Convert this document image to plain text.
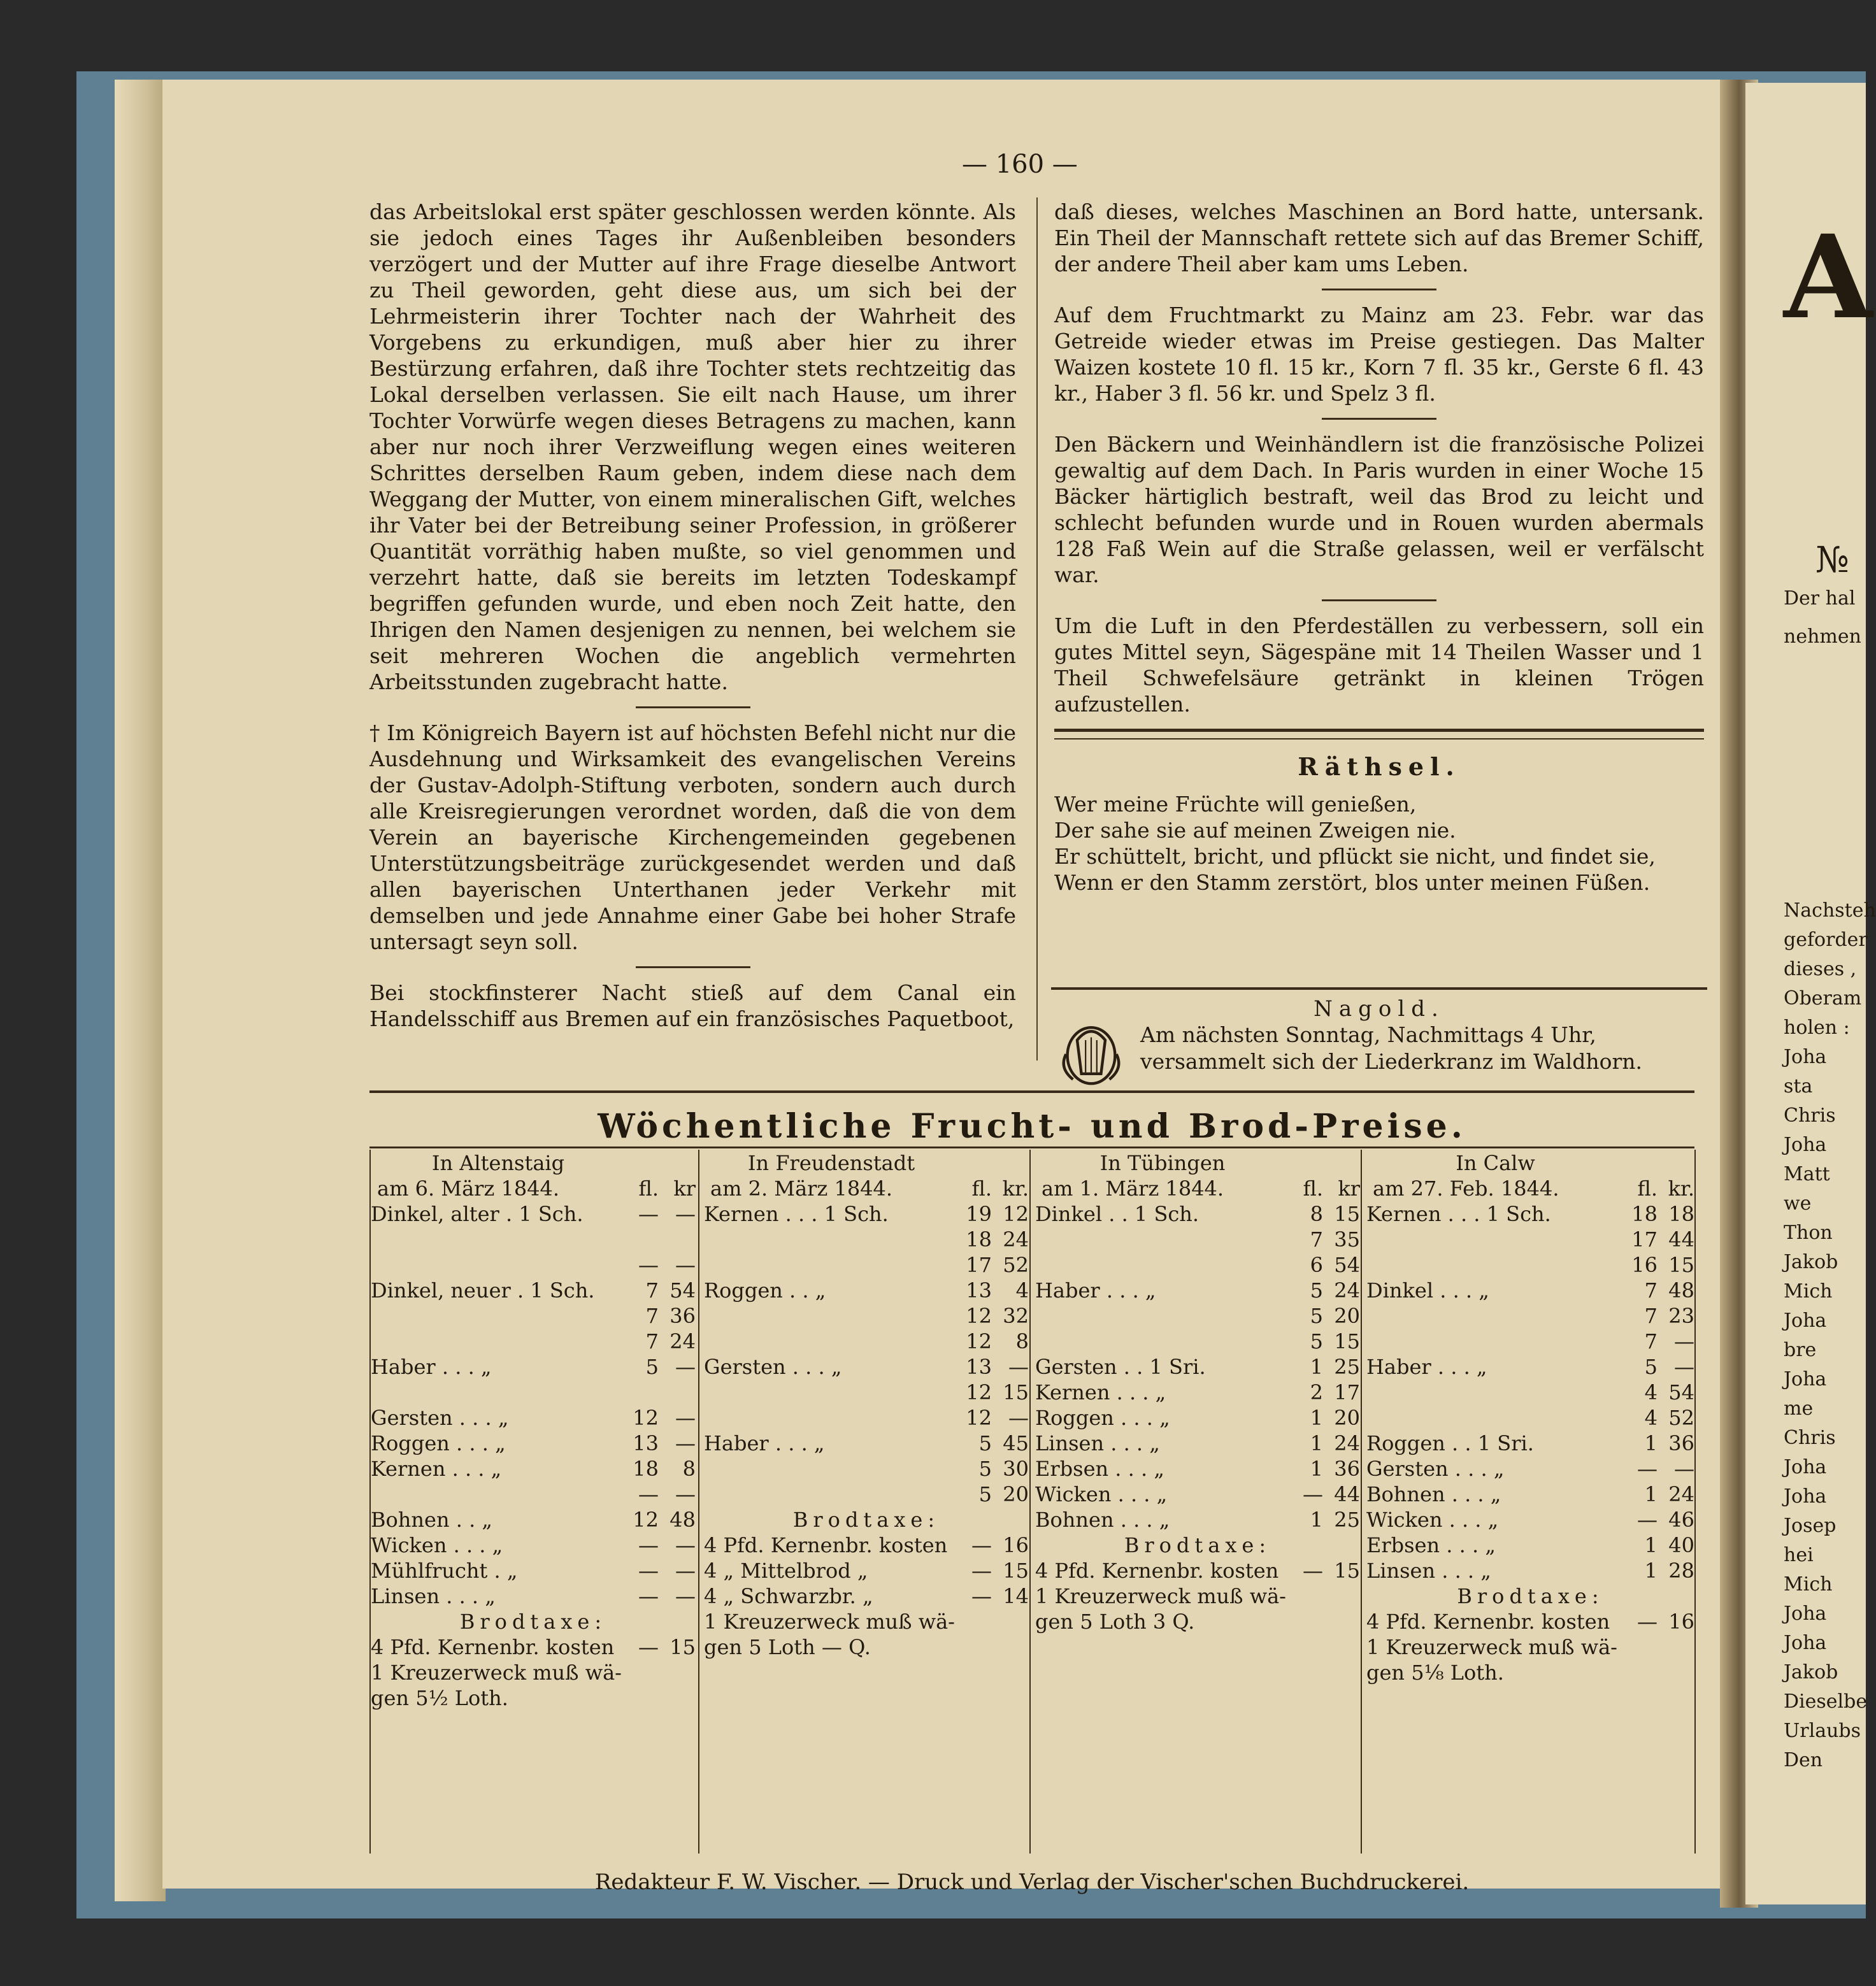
— 160 —

das Arbeitslokal erst später geschlossen werden könnte. Als sie jedoch eines Tages ihr Außenbleiben besonders verzögert und der Mutter auf ihre Frage dieselbe Antwort zu Theil geworden, geht diese aus, um sich bei der Lehrmeisterin ihrer Tochter nach der Wahrheit des Vorgebens zu erkundigen, muß aber hier zu ihrer Bestürzung erfahren, daß ihre Tochter stets rechtzeitig das Lokal derselben verlassen. Sie eilt nach Hause, um ihrer Tochter Vorwürfe wegen dieses Betragens zu machen, kann aber nur noch ihrer Verzweiflung wegen eines weiteren Schrittes derselben Raum geben, indem diese nach dem Weggang der Mutter, von einem mineralischen Gift, welches ihr Vater bei der Betreibung seiner Profession, in größerer Quantität vorräthig haben mußte, so viel genommen und verzehrt hatte, daß sie bereits im letzten Todeskampf begriffen gefunden wurde, und eben noch Zeit hatte, den Ihrigen den Namen desjenigen zu nennen, bei welchem sie seit mehreren Wochen die angeblich vermehrten Arbeitsstunden zugebracht hatte.

† Im Königreich Bayern ist auf höchsten Befehl nicht nur die Ausdehnung und Wirksamkeit des evangelischen Vereins der Gustav-Adolph-Stiftung verboten, sondern auch durch alle Kreisregierungen verordnet worden, daß die von dem Verein an bayerische Kirchengemeinden gegebenen Unterstützungsbeiträge zurückgesendet werden und daß allen bayerischen Unterthanen jeder Verkehr mit demselben und jede Annahme einer Gabe bei hoher Strafe untersagt seyn soll.

Bei stockfinsterer Nacht stieß auf dem Canal ein Handelsschiff aus Bremen auf ein französisches Paquetboot,

daß dieses, welches Maschinen an Bord hatte, untersank. Ein Theil der Mannschaft rettete sich auf das Bremer Schiff, der andere Theil aber kam ums Leben.

Auf dem Fruchtmarkt zu Mainz am 23. Febr. war das Getreide wieder etwas im Preise gestiegen. Das Malter Waizen kostete 10 fl. 15 kr., Korn 7 fl. 35 kr., Gerste 6 fl. 43 kr., Haber 3 fl. 56 kr. und Spelz 3 fl.

Den Bäckern und Weinhändlern ist die französische Polizei gewaltig auf dem Dach. In Paris wurden in einer Woche 15 Bäcker härtiglich bestraft, weil das Brod zu leicht und schlecht befunden wurde und in Rouen wurden abermals 128 Faß Wein auf die Straße gelassen, weil er verfälscht war.

Um die Luft in den Pferdeställen zu verbessern, soll ein gutes Mittel seyn, Sägespäne mit 14 Theilen Wasser und 1 Theil Schwefelsäure getränkt in kleinen Trögen aufzustellen.

Räthsel.
Wer meine Früchte will genießen,
Der sahe sie auf meinen Zweigen nie.
Er schüttelt, bricht, und pflückt sie nicht, und findet sie,
Wenn er den Stamm zerstört, blos unter meinen Füßen.
Nagold.
Am nächsten Sonntag, Nachmittags 4 Uhr, versammelt sich der Liederkranz im Waldhorn.
Wöchentliche Frucht- und Brod-Preise.
In Altenstaig
am 6. März 1844.	fl. kr
Dinkel, alter . 1 Sch.	— —
— —
Dinkel, neuer . 1 Sch.	7 54
7 36
7 24
Haber . . . „	5 —
Gersten . . . „	12 —
Roggen . . . „	13 —
Kernen . . . „	18	8
— —
Bohnen . . „	12 48
Wicken . . . „	— —
Mühlfrucht . „	— —
Linsen . . . „	— —
Brodtaxe:
4 Pfd. Kernenbr. kosten	— 15
1 Kreuzerweck muß wä-
gen 5½ Loth.
In Freudenstadt
am 2. März 1844.	fl. kr.
Kernen . . . 1 Sch.	19 12
18 24
17 52
Roggen . . „	13	4
12 32
12	8
Gersten . . . „	13 —
12 15
12 —
Haber . . . „	5 45
5 30
5 20
Brodtaxe:
4 Pfd. Kernenbr. kosten	— 16
4 „ Mittelbrod „	— 15
4 „ Schwarzbr. „	— 14
1 Kreuzerweck muß wä-
gen 5 Loth — Q.
In Tübingen
am 1. März 1844.	fl. kr
Dinkel . . 1 Sch.	8 15
7 35
6 54
Haber . . . „	5 24
5 20
5 15
Gersten . . 1 Sri.	1 25
Kernen . . . „	2 17
Roggen . . . „	1 20
Linsen . . . „	1 24
Erbsen . . . „	1 36
Wicken . . . „	— 44
Bohnen . . . „	1 25
Brodtaxe:
4 Pfd. Kernenbr. kosten	— 15
1 Kreuzerweck muß wä-
gen 5 Loth 3 Q.
In Calw
am 27. Feb. 1844.	fl. kr.
Kernen . . . 1 Sch.	18 18
17 44
16 15
Dinkel . . . „	7 48
7 23
7 —
Haber . . . „	5 —
4 54
4 52
Roggen . . 1 Sri.	1 36
Gersten . . . „	— —
Bohnen . . . „	1 24
Wicken . . . „	— 46
Erbsen . . . „	1 40
Linsen . . . „	1 28
Brodtaxe:
4 Pfd. Kernenbr. kosten	— 16
1 Kreuzerweck muß wä-
gen 5⅛ Loth.
Redakteur F. W. Vischer. — Druck und Verlag der Vischer'schen Buchdruckerei.
A
№
Der hal
nehmen
Nachsteh
geforder
dieses ,
Oberam
holen :
Joha
sta
Chris
Joha
Matt
we
Thon
Jakob
Mich
Joha
bre
Joha
me
Chris
Joha
Joha
Josep
hei
Mich
Joha
Joha
Jakob
Dieselbe
Urlaubs
Den
